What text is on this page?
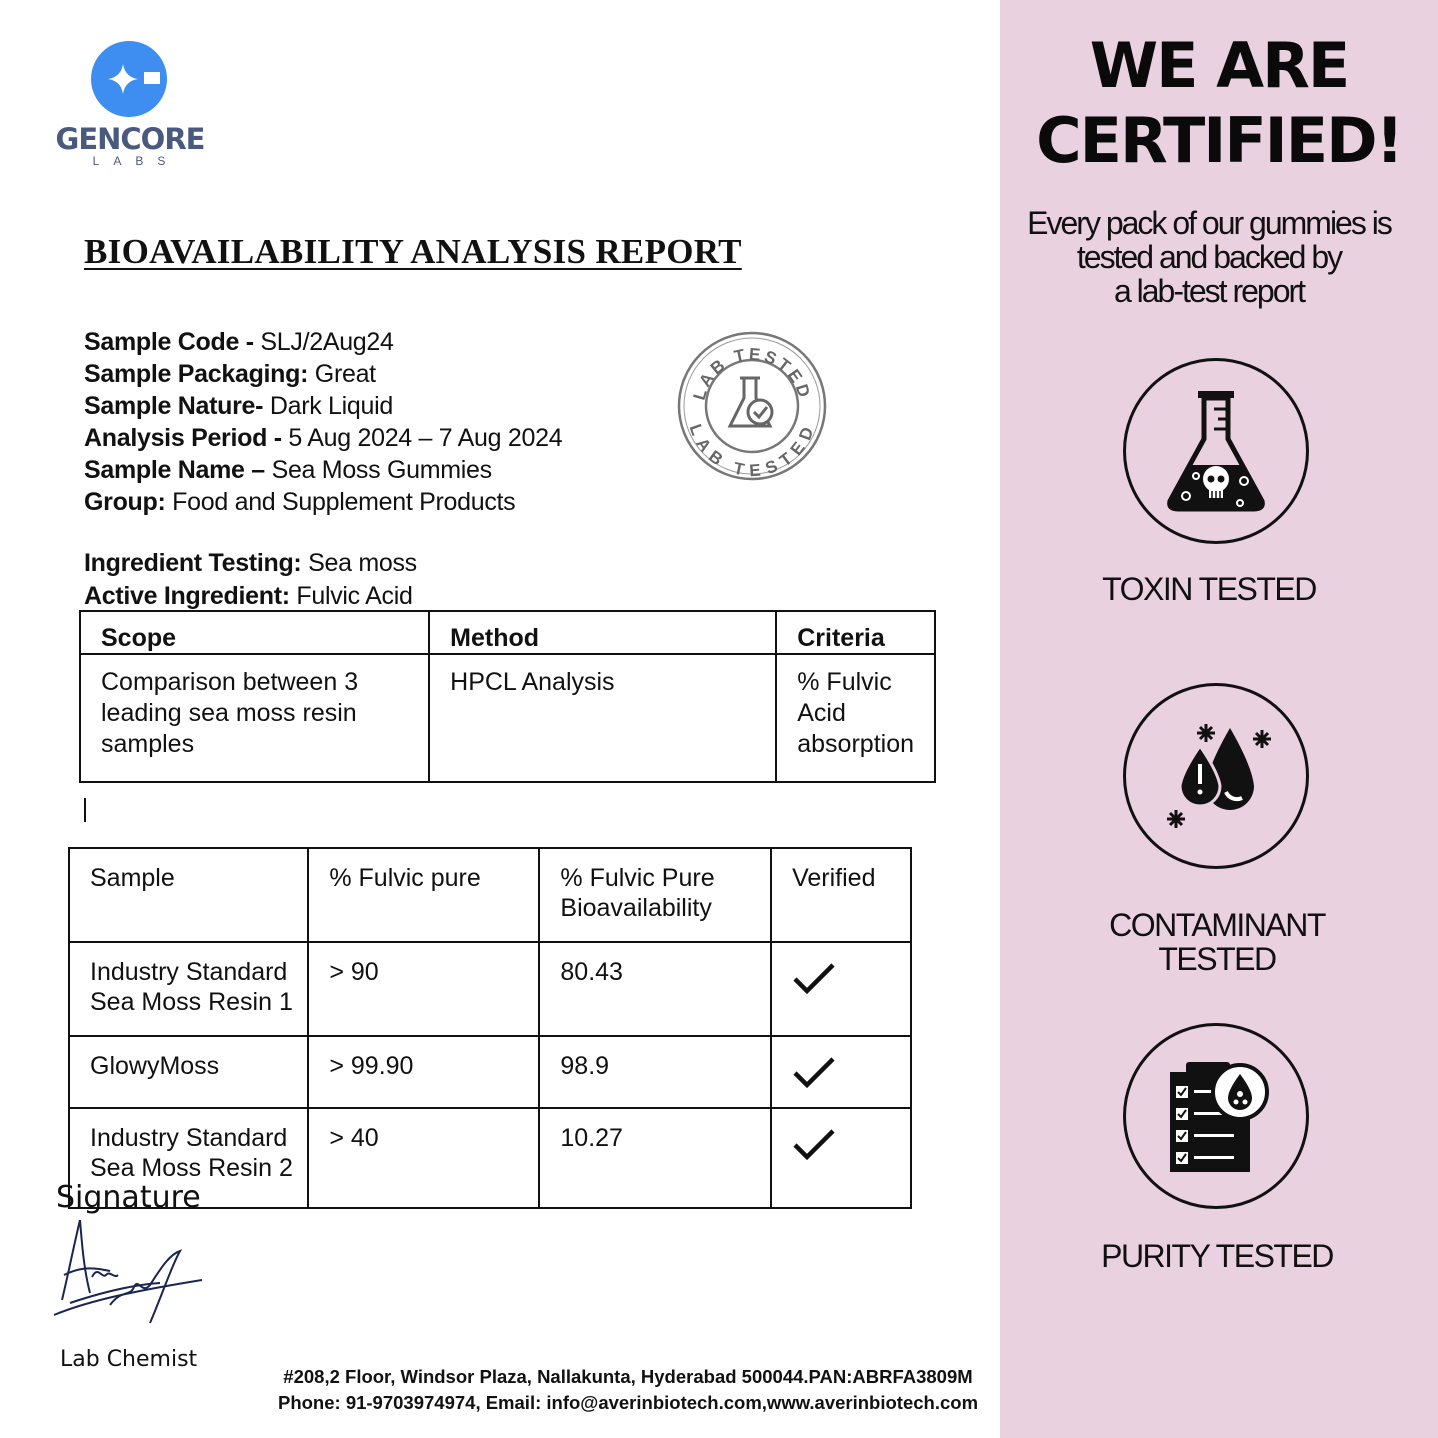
GENCORE
LABS
BIOAVAILABILITY ANALYSIS REPORT
Sample Code - SLJ/2Aug24
Sample Packaging: Great
Sample Nature- Dark Liquid
Analysis Period - 5 Aug 2024 – 7 Aug 2024
Sample Name – Sea Moss Gummies
Group: Food and Supplement Products
LAB TESTED
LAB TESTED
Ingredient Testing: Sea moss
Active Ingredient: Fulvic Acid
Scope	Method	Criteria
Comparison between 3 leading sea moss resin samples	HPCL Analysis	% Fulvic Acid absorption
Sample	% Fulvic pure	% Fulvic Pure Bioavailability	Verified
Industry Standard Sea Moss Resin 1	> 90	80.43	

GlowyMoss	> 99.90	98.9	

Industry Standard Sea Moss Resin 2	> 40	10.27	
Signature
Lab Chemist
#208,2 Floor, Windsor Plaza, Nallakunta, Hyderabad 500044.PAN:ABRFA3809M
Phone: 91-9703974974, Email: info@averinbiotech.com,www.averinbiotech.com
WE ARE
CERTIFIED!
Every pack of our gummies is
tested and backed by
a lab-test report
TOXIN TESTED
CONTAMINANT
TESTED
PURITY TESTED
